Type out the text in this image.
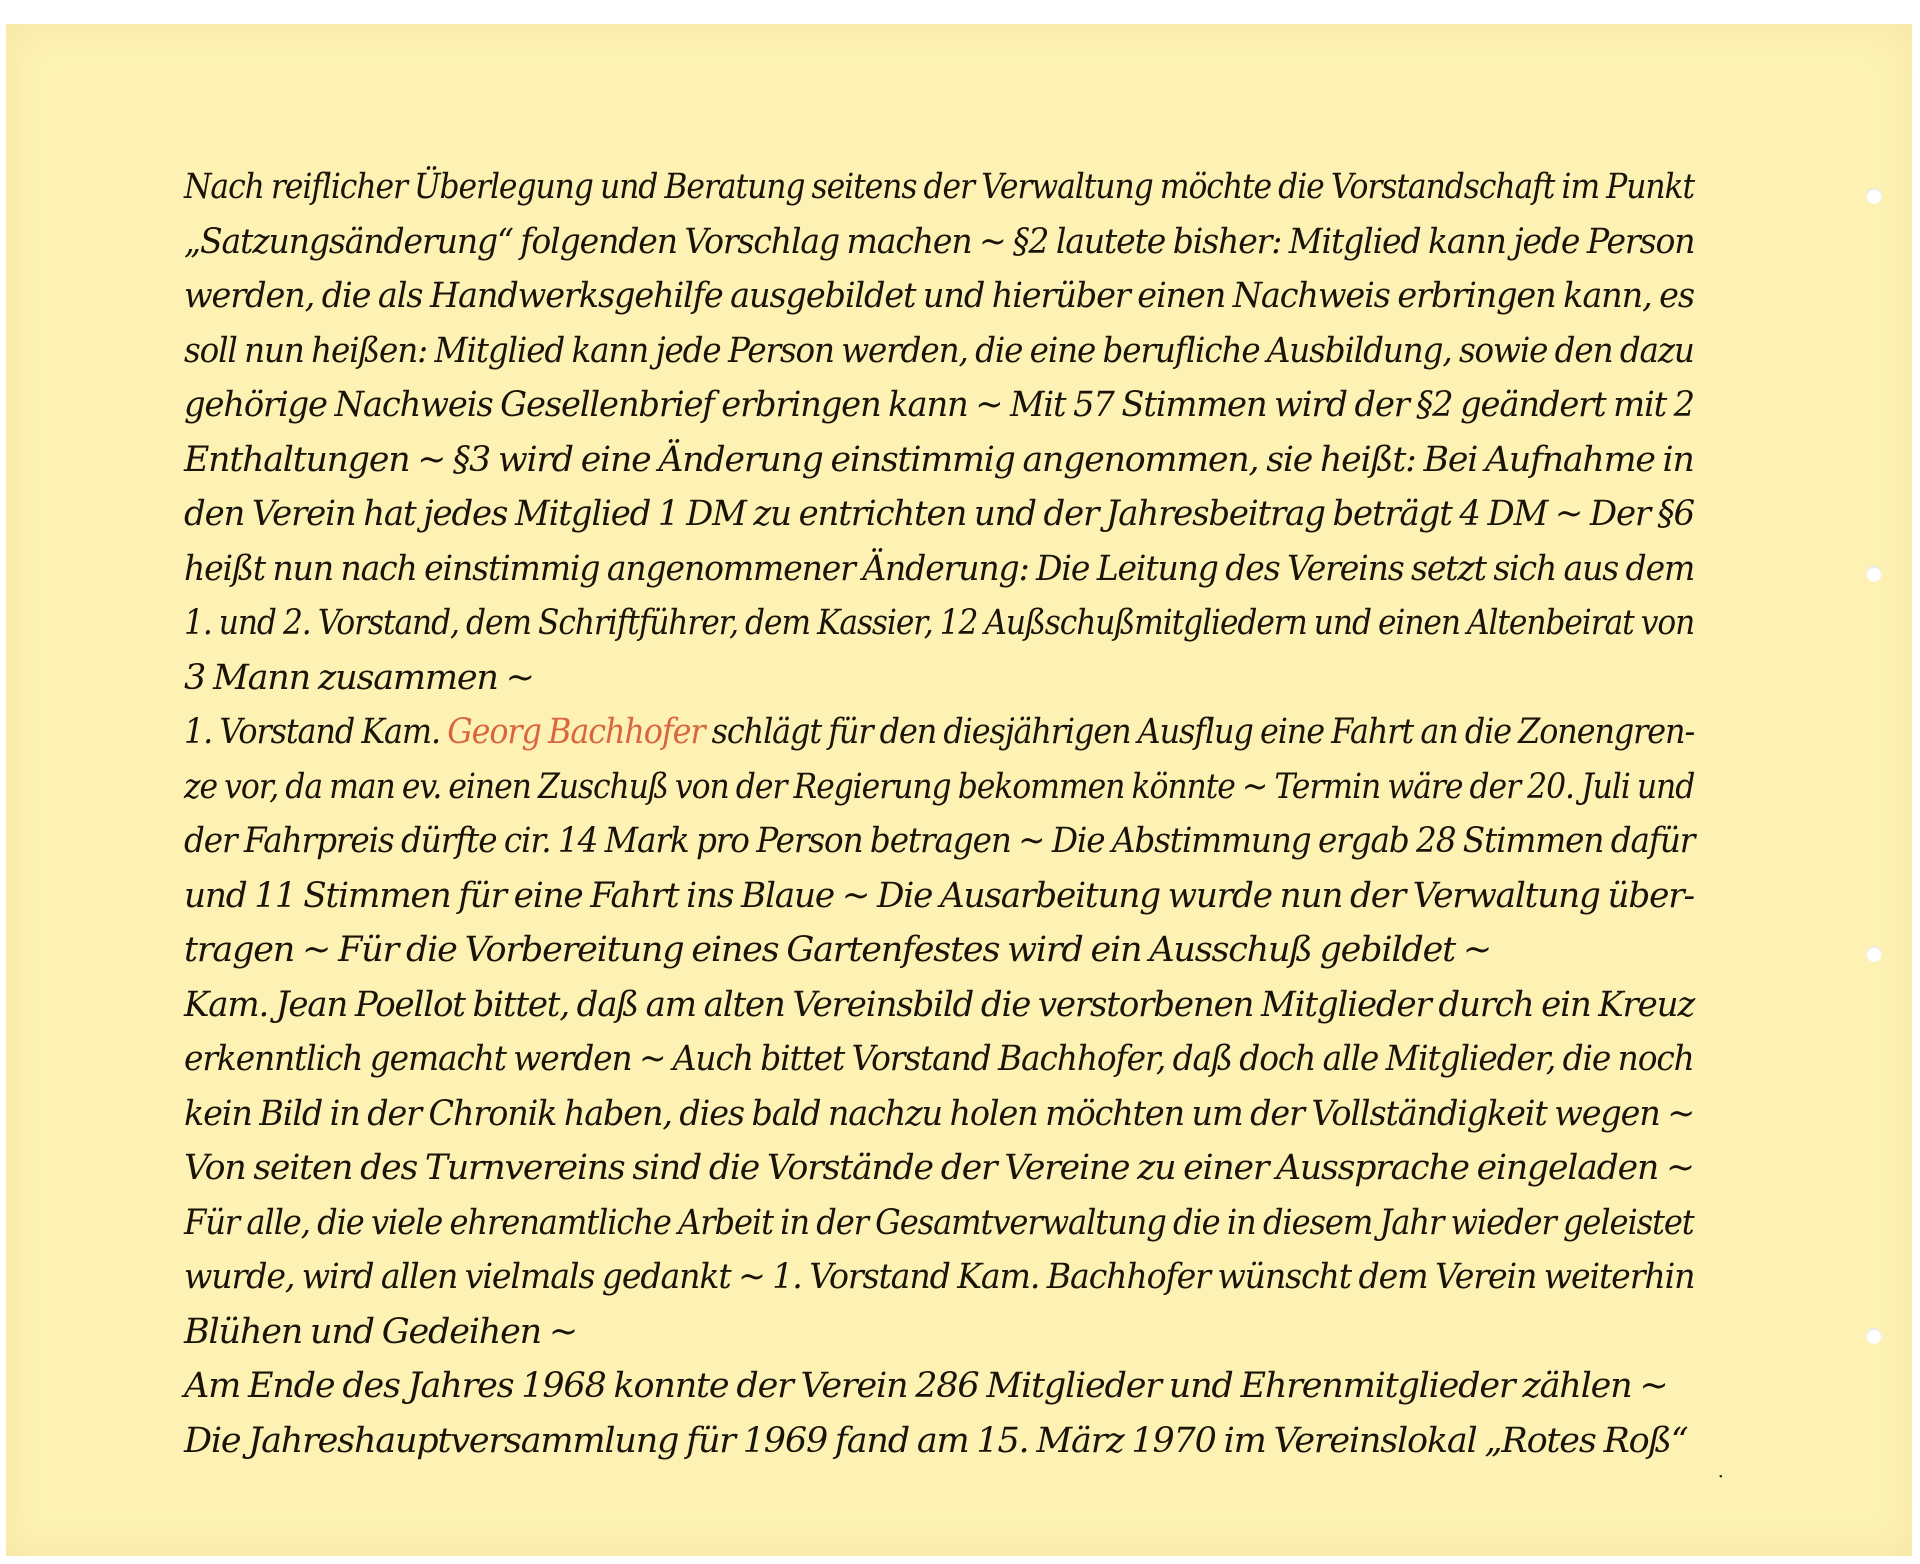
Nach reiflicher Überlegung und Beratung seitens der Verwaltung möchte die Vorstandschaft im Punkt
„Satzungsänderung“ folgenden Vorschlag machen ~ §2 lautete bisher: Mitglied kann jede Person
werden, die als Handwerksgehilfe ausgebildet und hierüber einen Nachweis erbringen kann, es
soll nun heißen: Mitglied kann jede Person werden, die eine berufliche Ausbildung, sowie den dazu
gehörige Nachweis Gesellenbrief erbringen kann ~ Mit 57 Stimmen wird der §2 geändert mit 2
Enthaltungen ~ §3 wird eine Änderung einstimmig angenommen, sie heißt: Bei Aufnahme in
den Verein hat jedes Mitglied 1 DM zu entrichten und der Jahresbeitrag beträgt 4 DM ~ Der §6
heißt nun nach einstimmig angenommener Änderung: Die Leitung des Vereins setzt sich aus dem
1. und 2. Vorstand, dem Schriftführer, dem Kassier, 12 Außschußmitgliedern und einen Altenbeirat von
3 Mann zusammen ~
1. Vorstand Kam. Georg Bachhofer schlägt für den diesjährigen Ausflug eine Fahrt an die Zonengren-
ze vor, da man ev. einen Zuschuß von der Regierung bekommen könnte ~ Termin wäre der 20. Juli und
der Fahrpreis dürfte cir. 14 Mark pro Person betragen ~ Die Abstimmung ergab 28 Stimmen dafür
und 11 Stimmen für eine Fahrt ins Blaue ~ Die Ausarbeitung wurde nun der Verwaltung über-
tragen ~ Für die Vorbereitung eines Gartenfestes wird ein Ausschuß gebildet ~
Kam. Jean Poellot bittet, daß am alten Vereinsbild die verstorbenen Mitglieder durch ein Kreuz
erkenntlich gemacht werden ~ Auch bittet Vorstand Bachhofer, daß doch alle Mitglieder, die noch
kein Bild in der Chronik haben, dies bald nachzu holen möchten um der Vollständigkeit wegen ~
Von seiten des Turnvereins sind die Vorstände der Vereine zu einer Aussprache eingeladen ~
Für alle, die viele ehrenamtliche Arbeit in der Gesamtverwaltung die in diesem Jahr wieder geleistet
wurde, wird allen vielmals gedankt ~ 1. Vorstand Kam. Bachhofer wünscht dem Verein weiterhin
Blühen und Gedeihen ~
Am Ende des Jahres 1968 konnte der Verein 286 Mitglieder und Ehrenmitglieder zählen ~
Die Jahreshauptversammlung für 1969 fand am 15. März 1970 im Vereinslokal „Rotes Roß“
·
